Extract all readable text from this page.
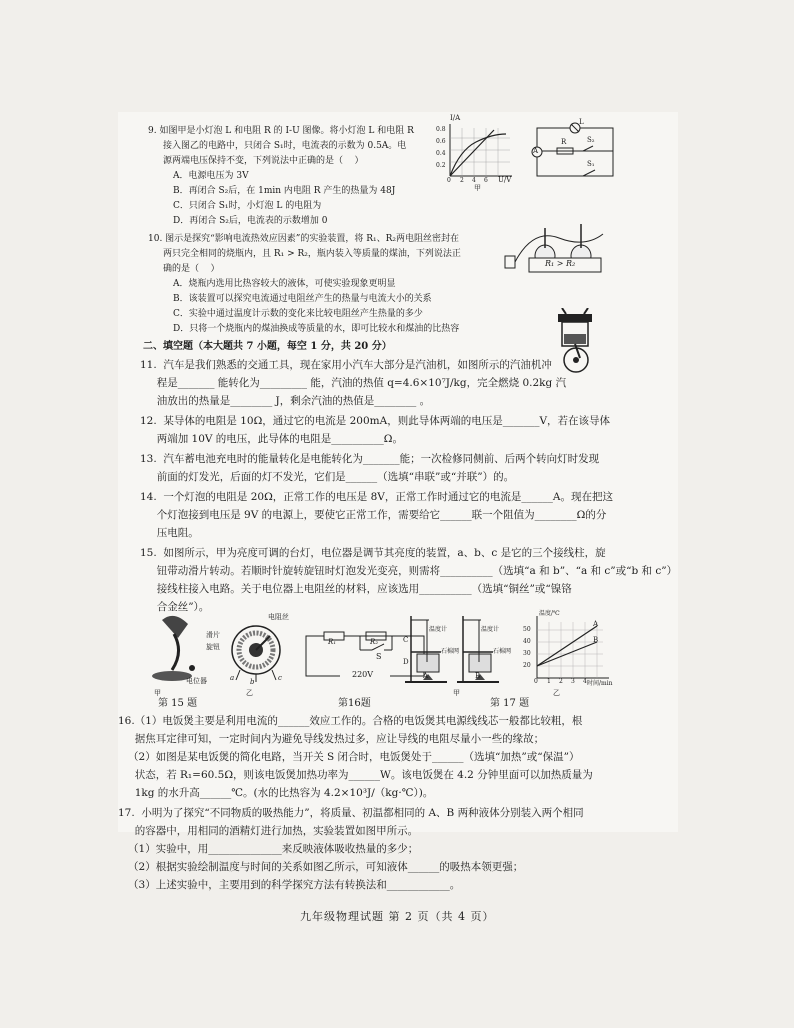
9. 如图甲是小灯泡 L 和电阻 R 的 I-U 图像。将小灯泡 L 和电阻 R

接入图乙的电路中，只闭合 S₁时，电流表的示数为 0.5A。电

源两端电压保持不变，下列说法中正确的是（    ）

A．电源电压为 3V

B．再闭合 S₂后，在 1min 内电阻 R 产生的热量为 48J

C．只闭合 S₁时，小灯泡 L 的电阻为

D．再闭合 S₂后，电流表的示数增加 0

I/A
U/V
0.8
0.6
0.4
0.2
0 2 4 6
甲
L
R
A
S₂
S₁

10. 图示是探究“影响电流热效应因素”的实验装置，将 R₁、R₂两电阻丝密封在

两只完全相同的烧瓶内，且 R₁ > R₂，瓶内装入等质量的煤油，下列说法正

确的是（    ）

A．烧瓶内选用比热容较大的液体，可使实验现象更明显

B．该装置可以探究电流通过电阻丝产生的热量与电流大小的关系

C．实验中通过温度计示数的变化来比较电阻丝产生热量的多少

D．只将一个烧瓶内的煤油换成等质量的水，即可比较水和煤油的比热容

R₁ > R₂

二、填空题（本大题共 7 小题，每空 1 分，共 20 分）

11.  汽车是我们熟悉的交通工具，现在家用小汽车大部分是汽油机，如图所示的汽油机冲

程是_______ 能转化为_________ 能，汽油的热值 q=4.6×10⁷J/kg，完全燃烧 0.2kg 汽

油放出的热量是________ J，剩余汽油的热值是________ 。

12.  某导体的电阻是 10Ω，通过它的电流是 200mA，则此导体两端的电压是_______V，若在该导体

两端加 10V 的电压，此导体的电阻是__________Ω。

13.  汽车蓄电池充电时的能量转化是电能转化为_______能；一次检修同侧前、后两个转向灯时发现

前面的灯发光，后面的灯不发光，它们是______（选填“串联”或“并联”）的。

14.  一个灯泡的电阻是 20Ω，正常工作的电压是 8V，正常工作时通过它的电流是______A。现在把这

个灯泡接到电压是 9V 的电源上，要使它正常工作，需要给它______联一个阻值为________Ω的分

压电阻。

15.  如图所示，甲为亮度可调的台灯，电位器是调节其亮度的装置，a、b、c 是它的三个接线柱，旋

钮带动滑片转动。若顺时针旋转旋钮时灯泡发光变亮，则需将__________（选填“a 和 b”、“a 和 c”或“b 和 c”）

接线柱接入电路。关于电位器上电阻丝的材料，应该选用__________（选填“铜丝”或“镍铬

合金丝”）。

电位器
甲
电阻丝
滑片
旋钮
a b	c
乙
R₁	R₂
S
220V
温度计
石棉网
温度计
石棉网
C
D
A	B
甲
温度/℃
时间/min
A
B
50
40
30
20
0 1 2 3 4
乙
第 15 题	第16题	第 17 题

16.（1）电饭煲主要是利用电流的______效应工作的。合格的电饭煲其电源线线芯一般都比较粗，根

据焦耳定律可知，一定时间内为避免导线发热过多，应让导线的电阻尽量小一些的缘故；

（2）如图是某电饭煲的简化电路，当开关 S 闭合时，电饭煲处于______（选填“加热”或“保温”）

状态，若 R₁=60.5Ω，则该电饭煲加热功率为______W。该电饭煲在 4.2 分钟里面可以加热质量为

1kg 的水升高______℃。(水的比热容为 4.2×10³J/（kg·℃）)。

17.  小明为了探究“不同物质的吸热能力”，将质量、初温都相同的 A、B 两种液体分别装入两个相同

的容器中，用相同的酒精灯进行加热，实验装置如图甲所示。

（1）实验中，用______________来反映液体吸收热量的多少；

（2）根据实验绘制温度与时间的关系如图乙所示，可知液体______的吸热本领更强；

（3）上述实验中，主要用到的科学探究方法有转换法和____________。

九年级物理试题 第 2 页（共 4 页）
